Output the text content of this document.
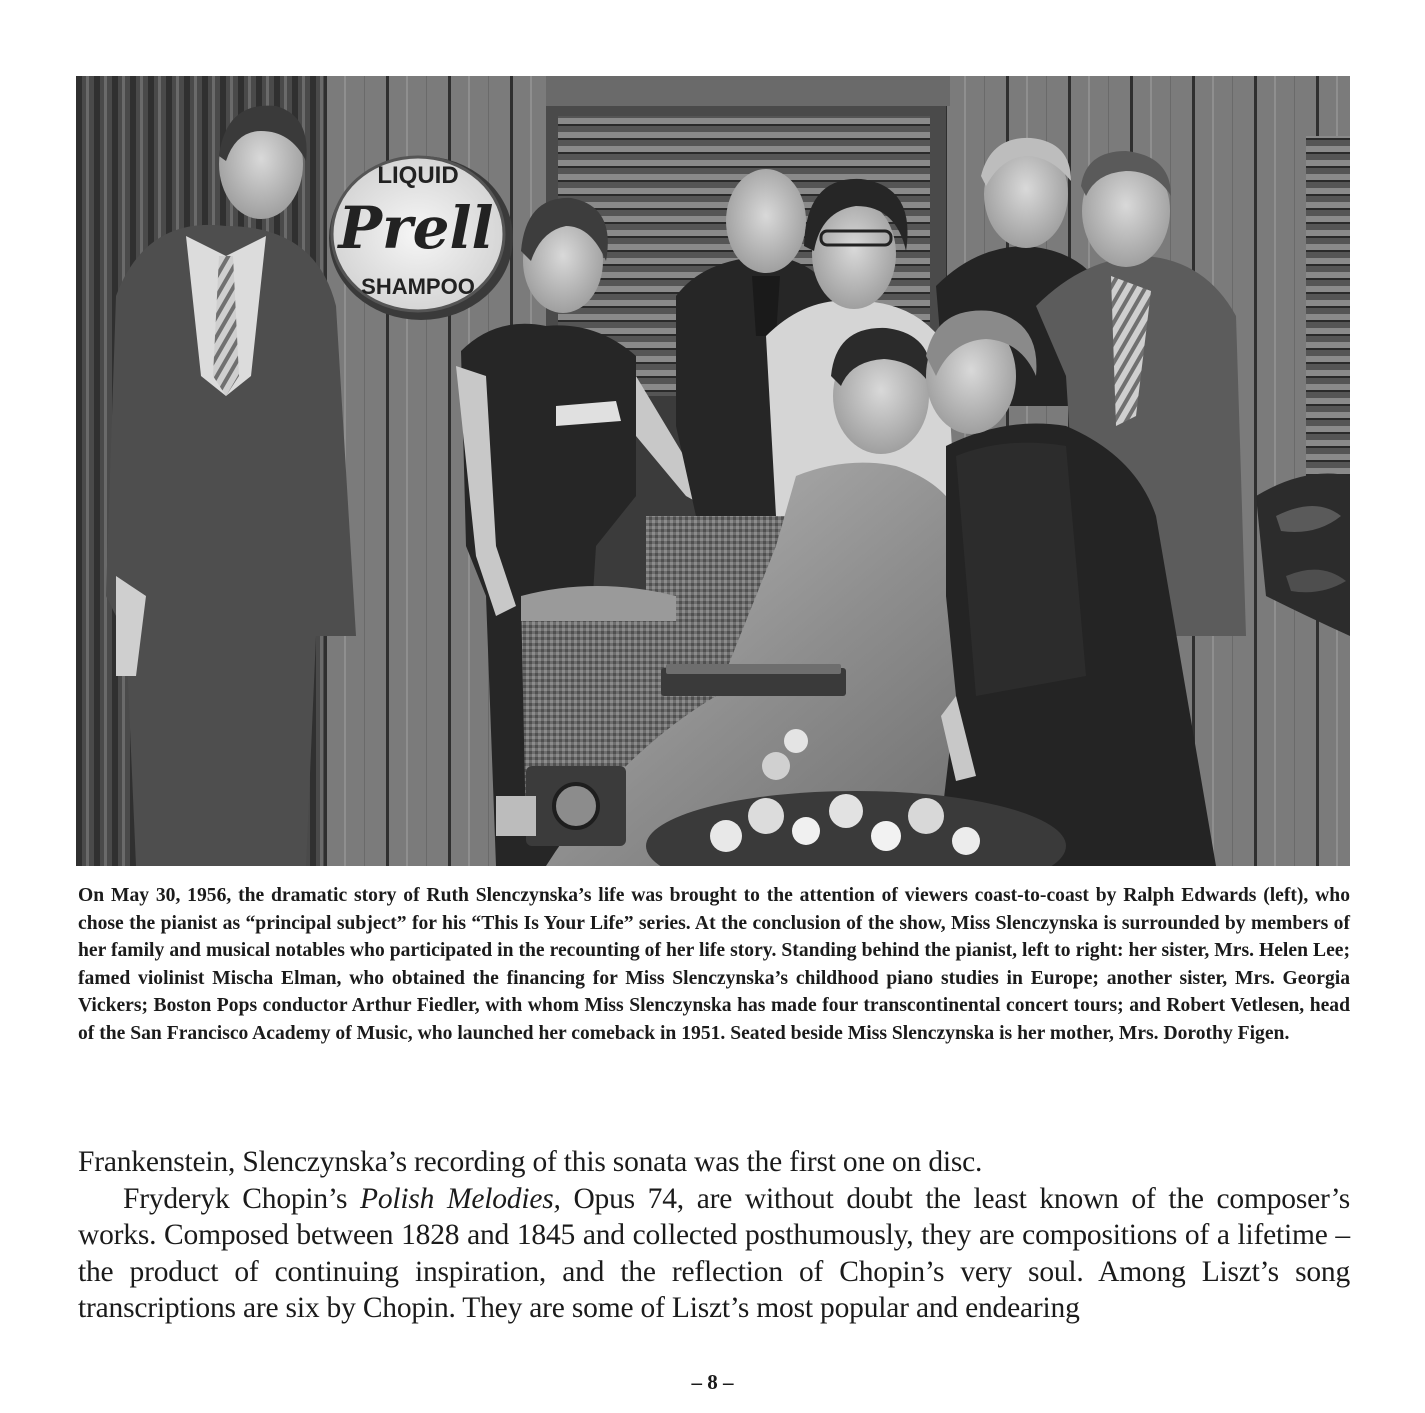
LIQUID
Prell
SHAMPOO
On May 30, 1956, the dramatic story of Ruth Slenczynska’s life was brought to the attention of viewers coast-to-coast by Ralph Edwards (left), who chose the pianist as “principal subject” for his “This Is Your Life” series. At the conclusion of the show, Miss Slenczynska is surrounded by members of her family and musical notables who participated in the recounting of her life story. Standing behind the pianist, left to right: her sister, Mrs. Helen Lee; famed violinist Mischa Elman, who obtained the financing for Miss Slenczynska’s childhood piano studies in Europe; another sister, Mrs. Georgia Vickers; Boston Pops conductor Arthur Fiedler, with whom Miss Slenczynska has made four transcontinental concert tours; and Robert Vetlesen, head of the San Francisco Academy of Music, who launched her comeback in 1951. Seated beside Miss Slenczynska is her mother, Mrs. Dorothy Figen.

Frankenstein, Slenczynska’s recording of this sonata was the first one on disc.

Fryderyk Chopin’s Polish Melodies, Opus 74, are without doubt the least known of the composer’s works. Composed between 1828 and 1845 and collected posthumously, they are compositions of a lifetime – the product of continuing inspiration, and the reflection of Chopin’s very soul. Among Liszt’s song transcriptions are six by Chopin. They are some of Liszt’s most popular and endearing

– 8 –
